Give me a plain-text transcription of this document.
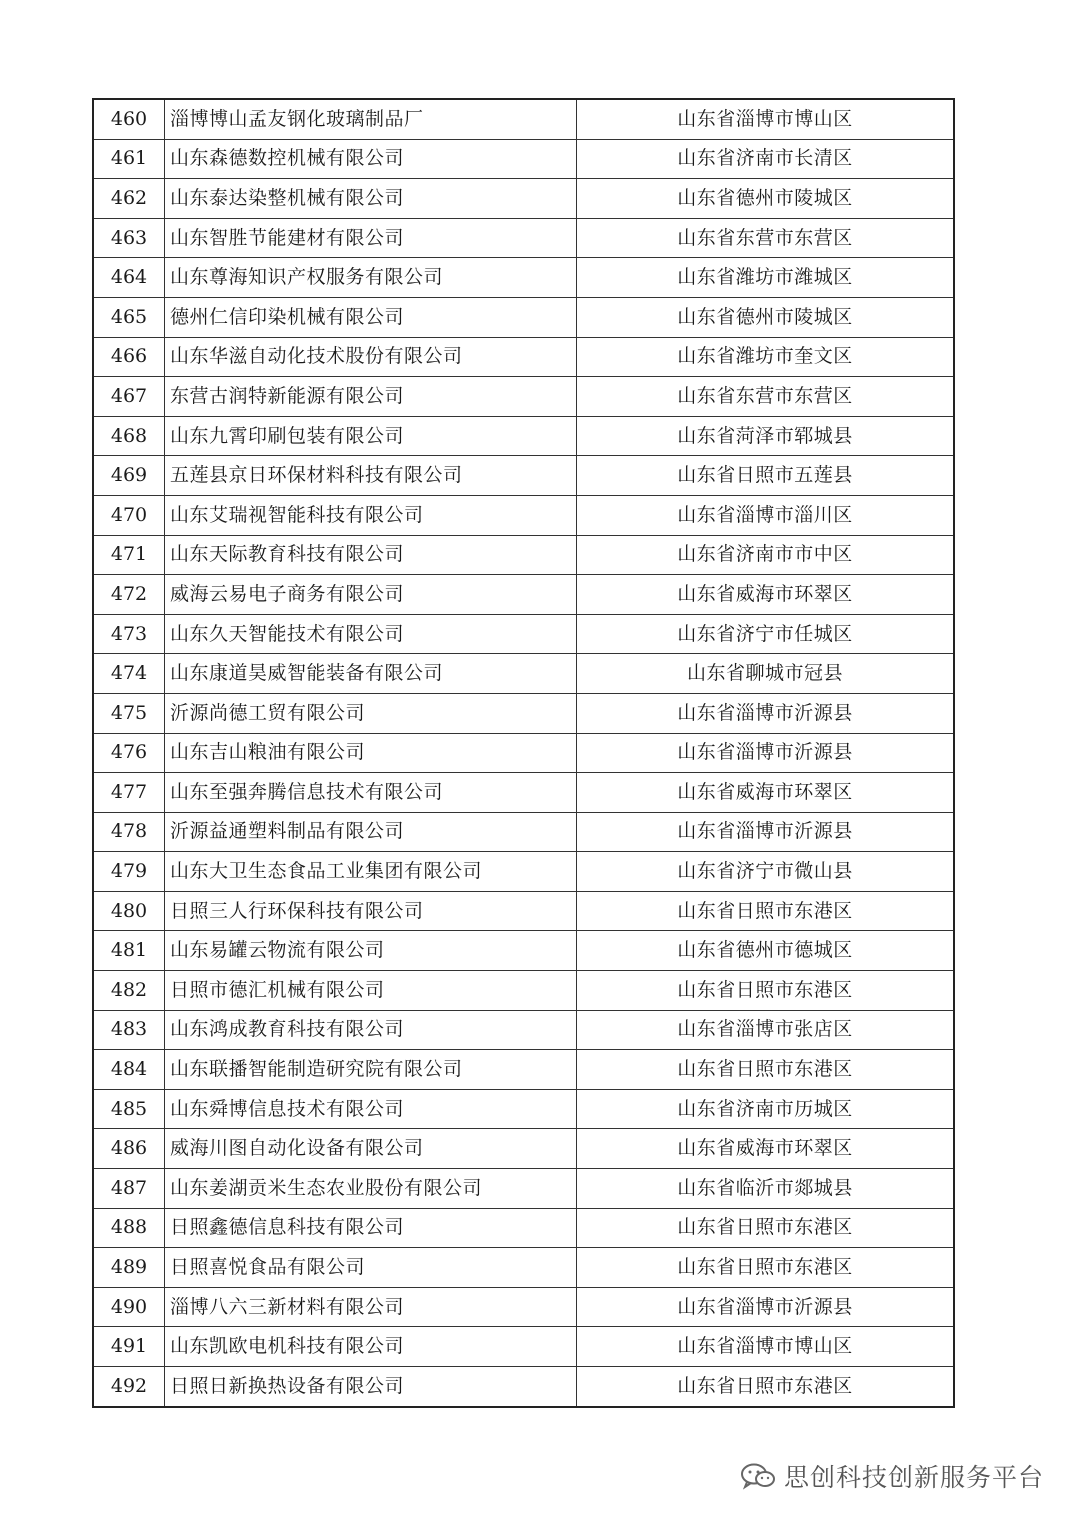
460	淄博博山孟友钢化玻璃制品厂	山东省淄博市博山区
461	山东森德数控机械有限公司	山东省济南市长清区
462	山东泰达染整机械有限公司	山东省德州市陵城区
463	山东智胜节能建材有限公司	山东省东营市东营区
464	山东尊海知识产权服务有限公司	山东省潍坊市潍城区
465	德州仁信印染机械有限公司	山东省德州市陵城区
466	山东华滋自动化技术股份有限公司	山东省潍坊市奎文区
467	东营古润特新能源有限公司	山东省东营市东营区
468	山东九霄印刷包装有限公司	山东省菏泽市郓城县
469	五莲县京日环保材料科技有限公司	山东省日照市五莲县
470	山东艾瑞视智能科技有限公司	山东省淄博市淄川区
471	山东天际教育科技有限公司	山东省济南市市中区
472	威海云易电子商务有限公司	山东省威海市环翠区
473	山东久天智能技术有限公司	山东省济宁市任城区
474	山东康道昊威智能装备有限公司	山东省聊城市冠县
475	沂源尚德工贸有限公司	山东省淄博市沂源县
476	山东吉山粮油有限公司	山东省淄博市沂源县
477	山东至强奔腾信息技术有限公司	山东省威海市环翠区
478	沂源益通塑料制品有限公司	山东省淄博市沂源县
479	山东大卫生态食品工业集团有限公司	山东省济宁市微山县
480	日照三人行环保科技有限公司	山东省日照市东港区
481	山东易罐云物流有限公司	山东省德州市德城区
482	日照市德汇机械有限公司	山东省日照市东港区
483	山东鸿成教育科技有限公司	山东省淄博市张店区
484	山东联播智能制造研究院有限公司	山东省日照市东港区
485	山东舜博信息技术有限公司	山东省济南市历城区
486	威海川图自动化设备有限公司	山东省威海市环翠区
487	山东姜湖贡米生态农业股份有限公司	山东省临沂市郯城县
488	日照鑫德信息科技有限公司	山东省日照市东港区
489	日照喜悦食品有限公司	山东省日照市东港区
490	淄博八六三新材料有限公司	山东省淄博市沂源县
491	山东凯欧电机科技有限公司	山东省淄博市博山区
492	日照日新换热设备有限公司	山东省日照市东港区
思创科技创新服务平台
